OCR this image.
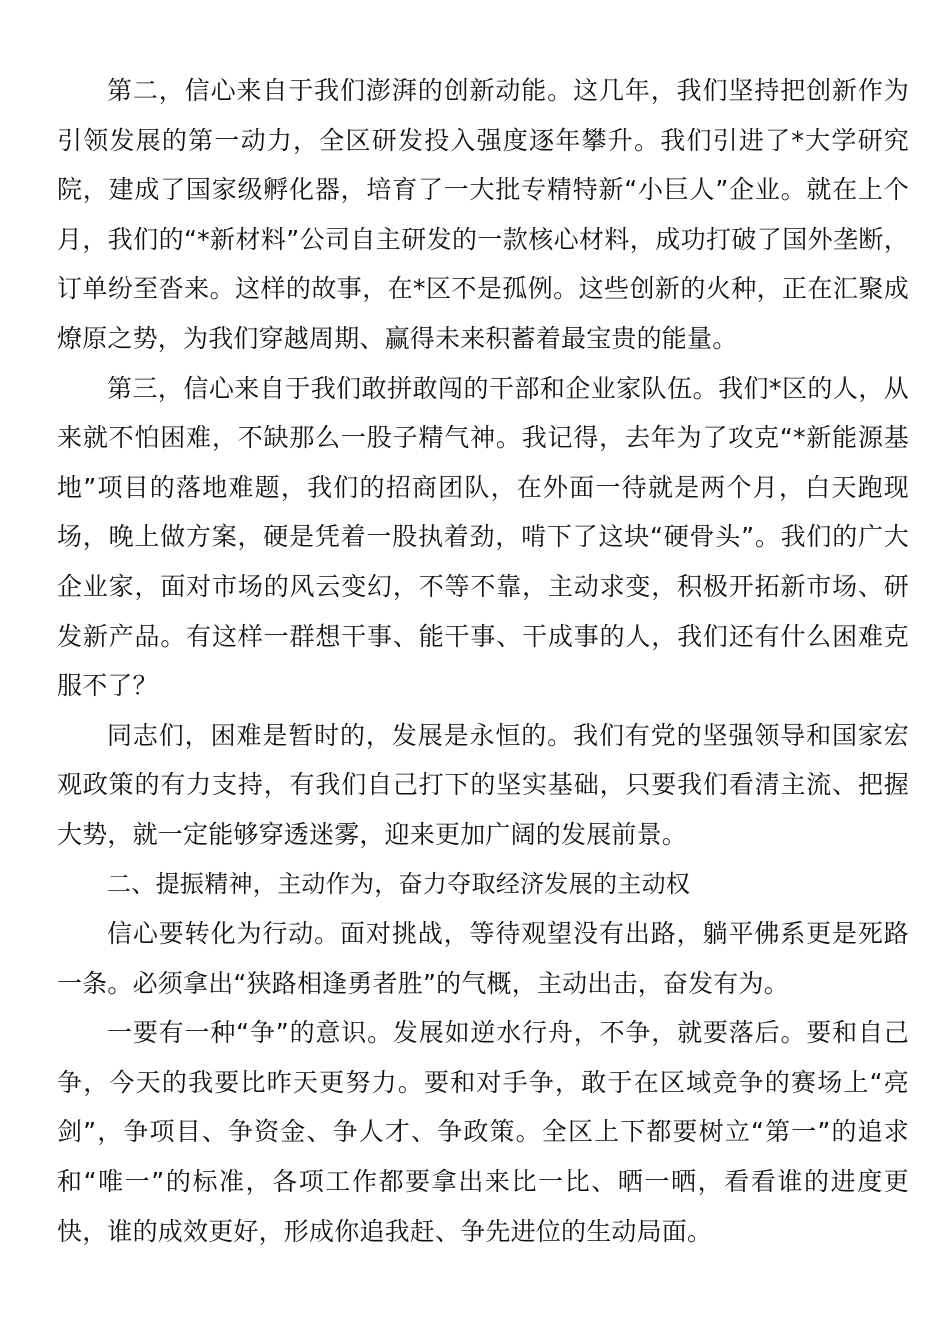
第二，信心来自于我们澎湃的创新动能。这几年，我们坚持把创新作为引领发展的第一动力，全区研发投入强度逐年攀升。我们引进了*大学研究院，建成了国家级孵化器，培育了一大批专精特新“小巨人”企业。就在上个月，我们的“*新材料”公司自主研发的一款核心材料，成功打破了国外垄断，订单纷至沓来。这样的故事，在*区不是孤例。这些创新的火种，正在汇聚成燎原之势，为我们穿越周期、赢得未来积蓄着最宝贵的能量。

第三，信心来自于我们敢拼敢闯的干部和企业家队伍。我们*区的人，从来就不怕困难，不缺那么一股子精气神。我记得，去年为了攻克“*新能源基地”项目的落地难题，我们的招商团队，在外面一待就是两个月，白天跑现场，晚上做方案，硬是凭着一股执着劲，啃下了这块“硬骨头”。我们的广大企业家，面对市场的风云变幻，不等不靠，主动求变，积极开拓新市场、研发新产品。有这样一群想干事、能干事、干成事的人，我们还有什么困难克服不了？

同志们，困难是暂时的，发展是永恒的。我们有党的坚强领导和国家宏观政策的有力支持，有我们自己打下的坚实基础，只要我们看清主流、把握大势，就一定能够穿透迷雾，迎来更加广阔的发展前景。

二、提振精神，主动作为，奋力夺取经济发展的主动权

信心要转化为行动。面对挑战，等待观望没有出路，躺平佛系更是死路一条。必须拿出“狭路相逢勇者胜”的气概，主动出击，奋发有为。

一要有一种“争”的意识。发展如逆水行舟，不争，就要落后。要和自己争，今天的我要比昨天更努力。要和对手争，敢于在区域竞争的赛场上“亮剑”，争项目、争资金、争人才、争政策。全区上下都要树立“第一”的追求和“唯一”的标准，各项工作都要拿出来比一比、晒一晒，看看谁的进度更快，谁的成效更好，形成你追我赶、争先进位的生动局面。
